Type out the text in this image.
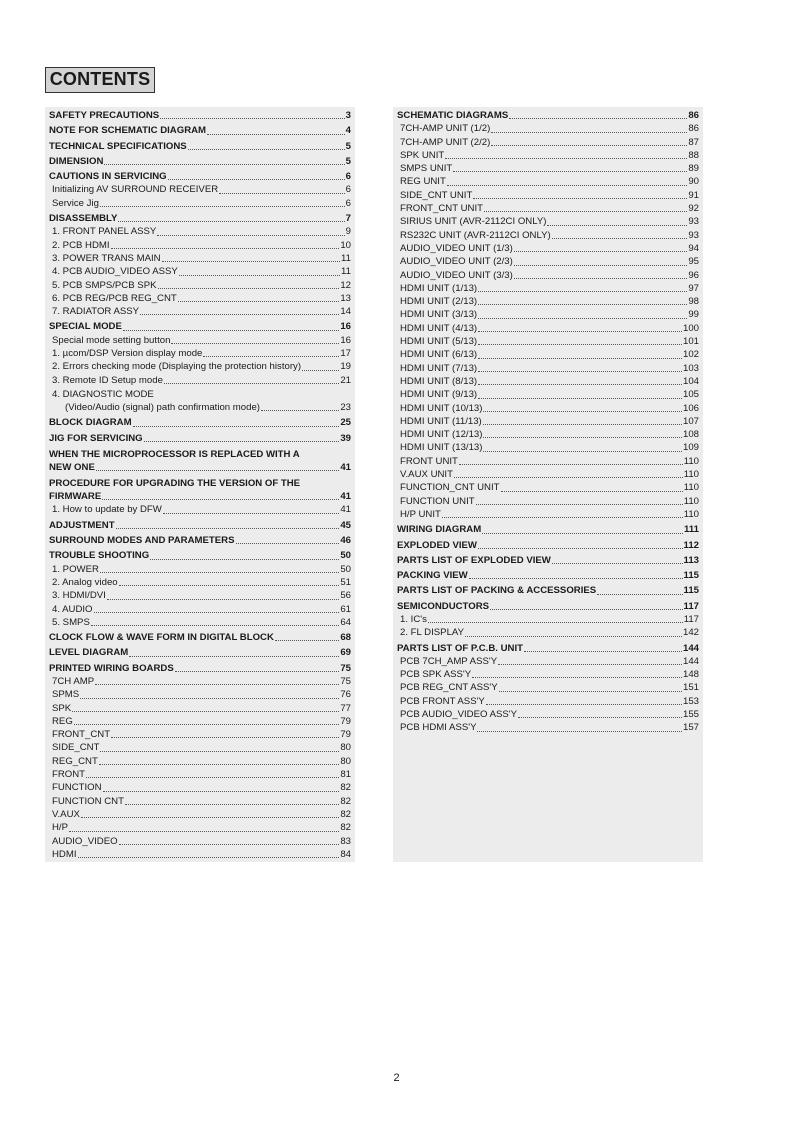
CONTENTS
SAFETY PRECAUTIONS	3
NOTE FOR SCHEMATIC DIAGRAM	4
TECHNICAL SPECIFICATIONS	5
DIMENSION	5
CAUTIONS IN SERVICING	6
Initializing AV SURROUND RECEIVER	6
Service Jig	6
DISASSEMBLY	7
1. FRONT PANEL ASSY	9
2. PCB HDMI	10
3. POWER TRANS MAIN	11
4. PCB AUDIO_VIDEO ASSY	11
5. PCB SMPS/PCB SPK	12
6. PCB REG/PCB REG_CNT	13
7. RADIATOR ASSY	14
SPECIAL MODE	16
Special mode setting button	16
1. µcom/DSP Version display mode	17
2. Errors checking mode (Displaying the protection history)	19
3. Remote ID Setup mode	21
4. DIAGNOSTIC MODE
(Video/Audio (signal) path confirmation mode)	23
BLOCK DIAGRAM	25
JIG FOR SERVICING	39
WHEN THE MICROPROCESSOR IS REPLACED WITH A
NEW ONE	41
PROCEDURE FOR UPGRADING THE VERSION OF THE
FIRMWARE	41
1. How to update by DFW	41
ADJUSTMENT	45
SURROUND MODES AND PARAMETERS	46
TROUBLE SHOOTING	50
1. POWER	50
2. Analog video	51
3. HDMI/DVI	56
4. AUDIO	61
5. SMPS	64
CLOCK FLOW & WAVE FORM IN DIGITAL BLOCK	68
LEVEL DIAGRAM	69
PRINTED WIRING BOARDS	75
7CH AMP	75
SPMS	76
SPK	77
REG	79
FRONT_CNT	79
SIDE_CNT	80
REG_CNT	80
FRONT	81
FUNCTION	82
FUNCTION CNT	82
V.AUX	82
H/P	82
AUDIO_VIDEO	83
HDMI	84
SCHEMATIC DIAGRAMS	86
7CH-AMP UNIT (1/2)	86
7CH-AMP UNIT (2/2)	87
SPK UNIT	88
SMPS UNIT	89
REG UNIT	90
SIDE_CNT UNIT	91
FRONT_CNT UNIT	92
SIRIUS UNIT (AVR-2112CI ONLY)	93
RS232C UNIT (AVR-2112CI ONLY)	93
AUDIO_VIDEO UNIT (1/3)	94
AUDIO_VIDEO UNIT (2/3)	95
AUDIO_VIDEO UNIT (3/3)	96
HDMI UNIT (1/13)	97
HDMI UNIT (2/13)	98
HDMI UNIT (3/13)	99
HDMI UNIT (4/13)	100
HDMI UNIT (5/13)	101
HDMI UNIT (6/13)	102
HDMI UNIT (7/13)	103
HDMI UNIT (8/13)	104
HDMI UNIT (9/13)	105
HDMI UNIT (10/13)	106
HDMI UNIT (11/13)	107
HDMI UNIT (12/13)	108
HDMI UNIT (13/13)	109
FRONT UNIT	110
V.AUX UNIT	110
FUNCTION_CNT UNIT	110
FUNCTION UNIT	110
H/P UNIT	110
WIRING DIAGRAM	111
EXPLODED VIEW	112
PARTS LIST OF EXPLODED VIEW	113
PACKING VIEW	115
PARTS LIST OF PACKING & ACCESSORIES	115
SEMICONDUCTORS	117
1. IC's	117
2. FL DISPLAY	142
PARTS LIST OF P.C.B. UNIT	144
PCB 7CH_AMP ASS'Y	144
PCB SPK ASS'Y	148
PCB REG_CNT ASS'Y	151
PCB FRONT ASS'Y	153
PCB AUDIO_VIDEO ASS'Y	155
PCB HDMI ASS'Y	157
2
